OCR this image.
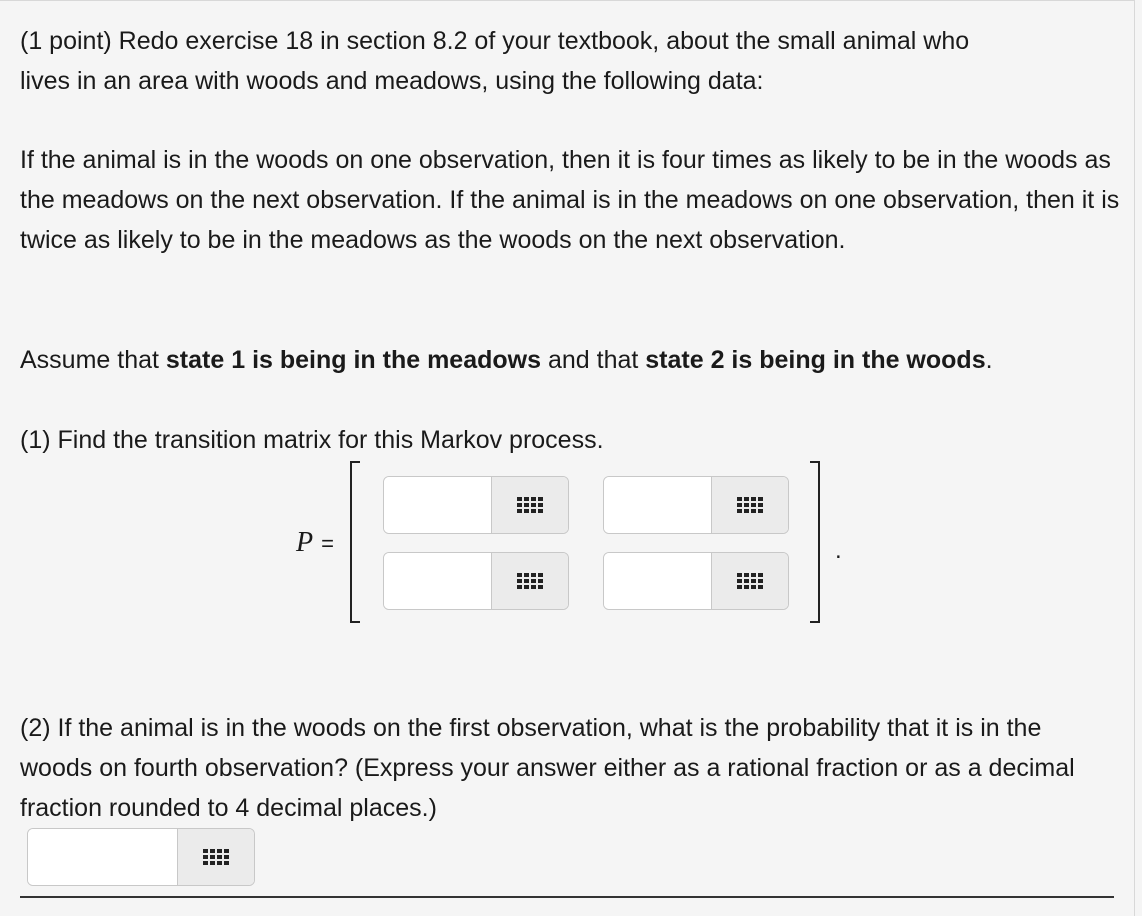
(1 point) Redo exercise 18 in section 8.2 of your textbook, about the small animal who
lives in an area with woods and meadows, using the following data:

If the animal is in the woods on one observation, then it is four times as likely to be in the woods as the meadows on the next observation. If the animal is in the meadows on one observation, then it is twice as likely to be in the meadows as the woods on the next observation.

Assume that state 1 is being in the meadows and that state 2 is being in the woods.

(1) Find the transition matrix for this Markov process.

P =	.

(2) If the animal is in the woods on the first observation, what is the probability that it is in the woods on fourth observation? (Express your answer either as a rational fraction or as a decimal fraction rounded to 4 decimal places.)
